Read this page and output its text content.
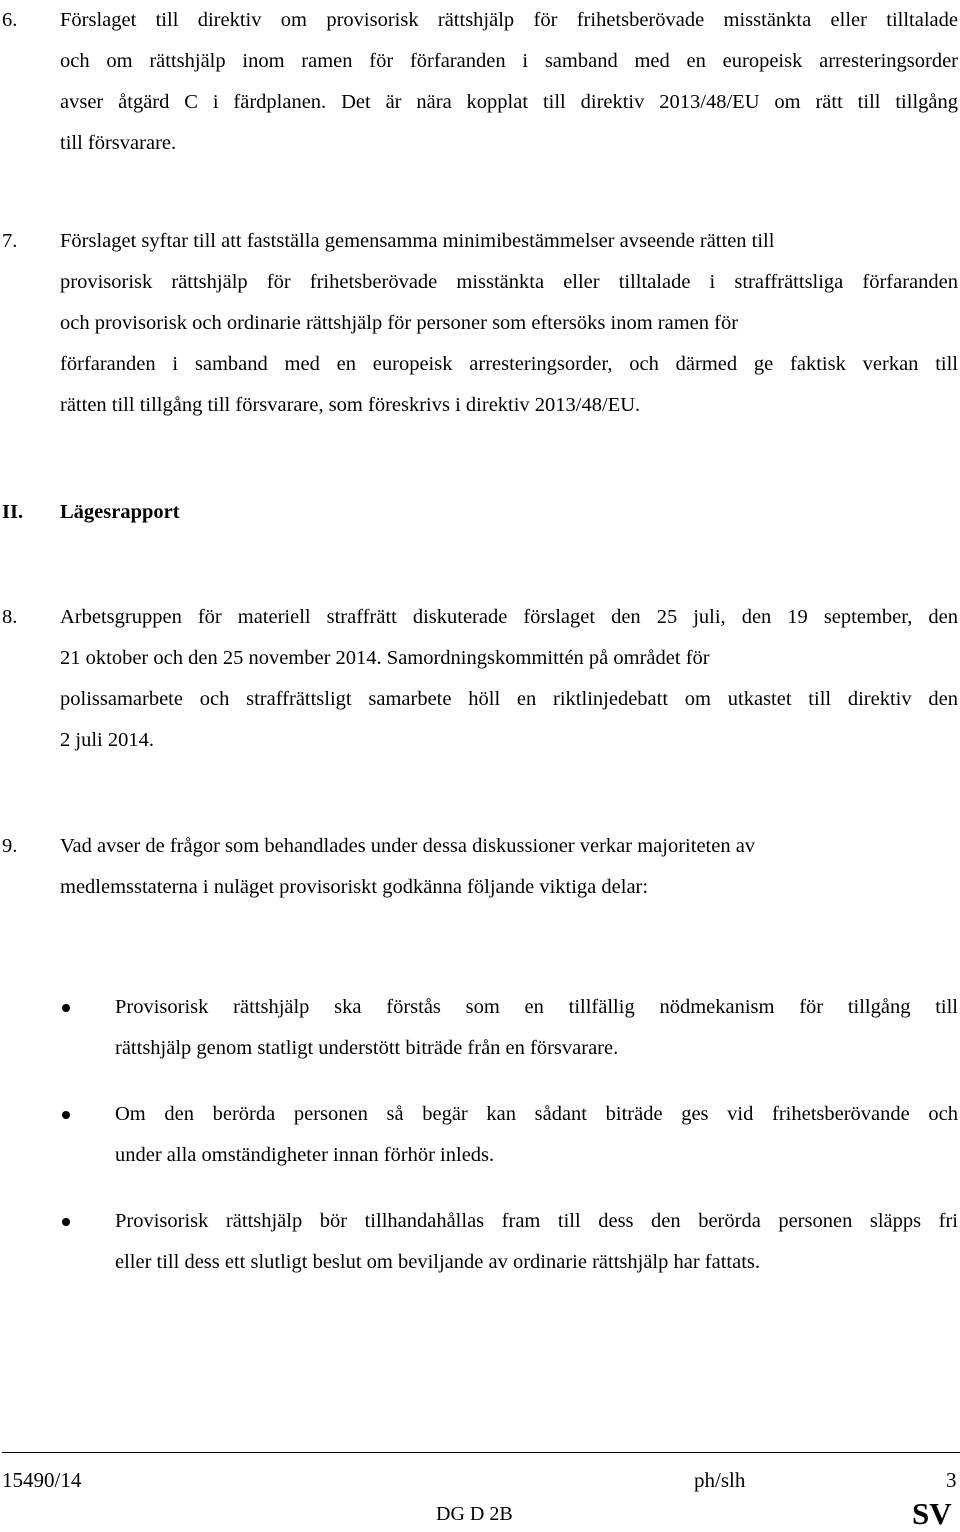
6. Förslaget till direktiv om provisorisk rättshjälp för frihetsberövade misstänkta eller tilltalade
och om rättshjälp inom ramen för förfaranden i samband med en europeisk arresteringsorder
avser åtgärd C i färdplanen. Det är nära kopplat till direktiv 2013/48/EU om rätt till tillgång
till försvarare.
7. Förslaget syftar till att fastställa gemensamma minimibestämmelser avseende rätten till
provisorisk rättshjälp för frihetsberövade misstänkta eller tilltalade i straffrättsliga förfaranden
och provisorisk och ordinarie rättshjälp för personer som eftersöks inom ramen för
förfaranden i samband med en europeisk arresteringsorder, och därmed ge faktisk verkan till
rätten till tillgång till försvarare, som föreskrivs i direktiv 2013/48/EU.
II. Lägesrapport
8. Arbetsgruppen för materiell straffrätt diskuterade förslaget den 25 juli, den 19 september, den
21 oktober och den 25 november 2014. Samordningskommittén på området för
polissamarbete och straffrättsligt samarbete höll en riktlinjedebatt om utkastet till direktiv den
2 juli 2014.
9. Vad avser de frågor som behandlades under dessa diskussioner verkar majoriteten av
medlemsstaterna i nuläget provisoriskt godkänna följande viktiga delar:
Provisorisk rättshjälp ska förstås som en tillfällig nödmekanism för tillgång till
rättshjälp genom statligt understött biträde från en försvarare.
Om den berörda personen så begär kan sådant biträde ges vid frihetsberövande och
under alla omständigheter innan förhör inleds.
Provisorisk rättshjälp bör tillhandahållas fram till dess den berörda personen släpps fri
eller till dess ett slutligt beslut om beviljande av ordinarie rättshjälp har fattats.
15490/14	ph/slh	3
DG D 2B	SV
